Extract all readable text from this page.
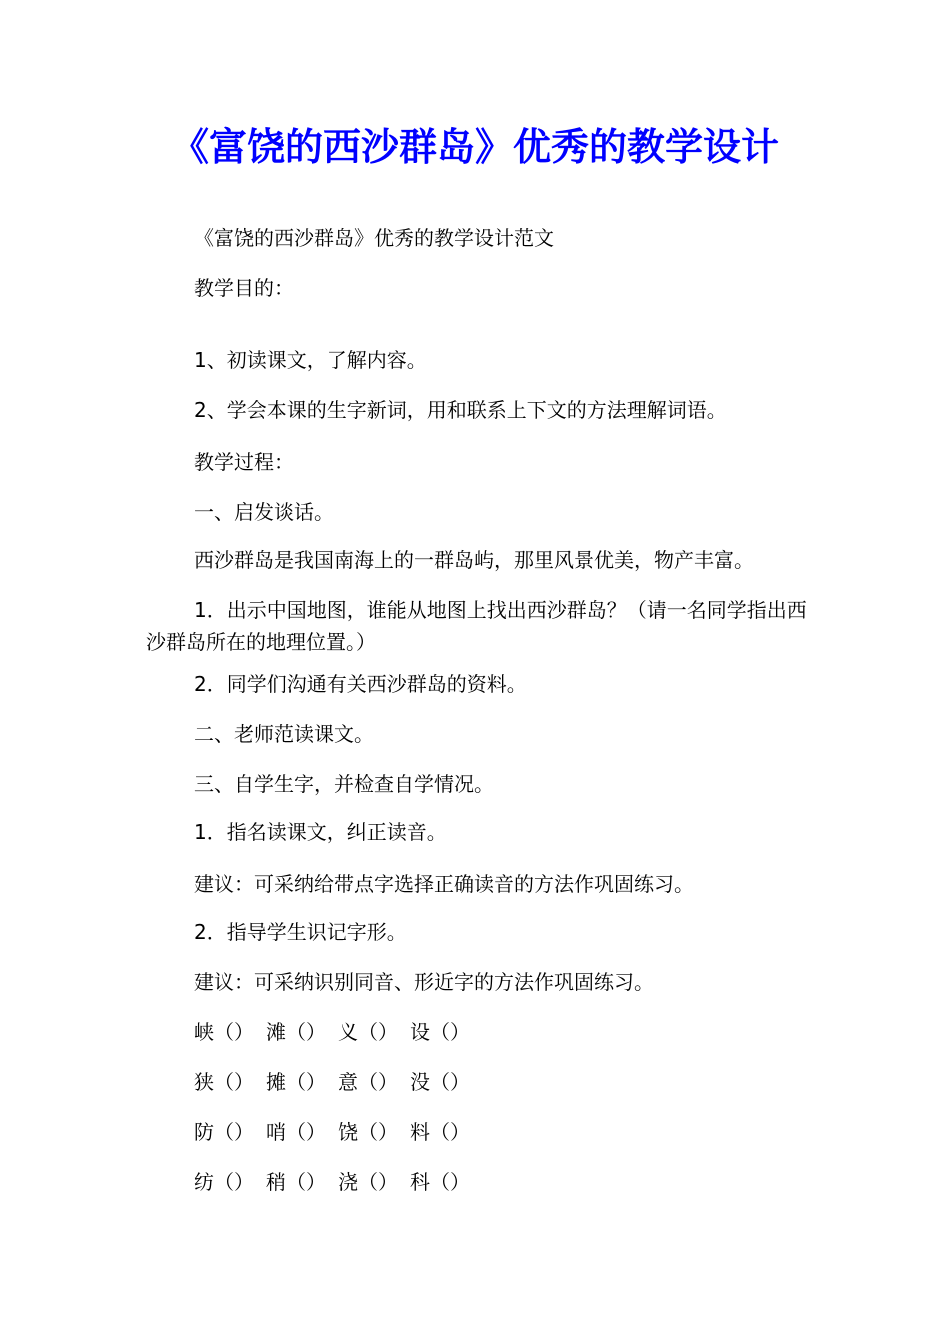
《富饶的西沙群岛》优秀的教学设计

《富饶的西沙群岛》优秀的教学设计范文

教学目的：

1、初读课文，了解内容。

2、学会本课的生字新词，用和联系上下文的方法理解词语。

教学过程：

一、启发谈话。

西沙群岛是我国南海上的一群岛屿，那里风景优美，物产丰富。

1．出示中国地图，谁能从地图上找出西沙群岛？（请一名同学指出西沙群岛所在的地理位置。）

2．同学们沟通有关西沙群岛的资料。

二、老师范读课文。

三、自学生字，并检查自学情况。

1．指名读课文，纠正读音。

建议：可采纳给带点字选择正确读音的方法作巩固练习。

2．指导学生识记字形。

建议：可采纳识别同音、形近字的方法作巩固练习。

峡（） 滩（） 义（） 设（）

狭（） 摊（） 意（） 没（）

防（） 哨（） 饶（） 料（）

纺（） 稍（） 浇（） 科（）
